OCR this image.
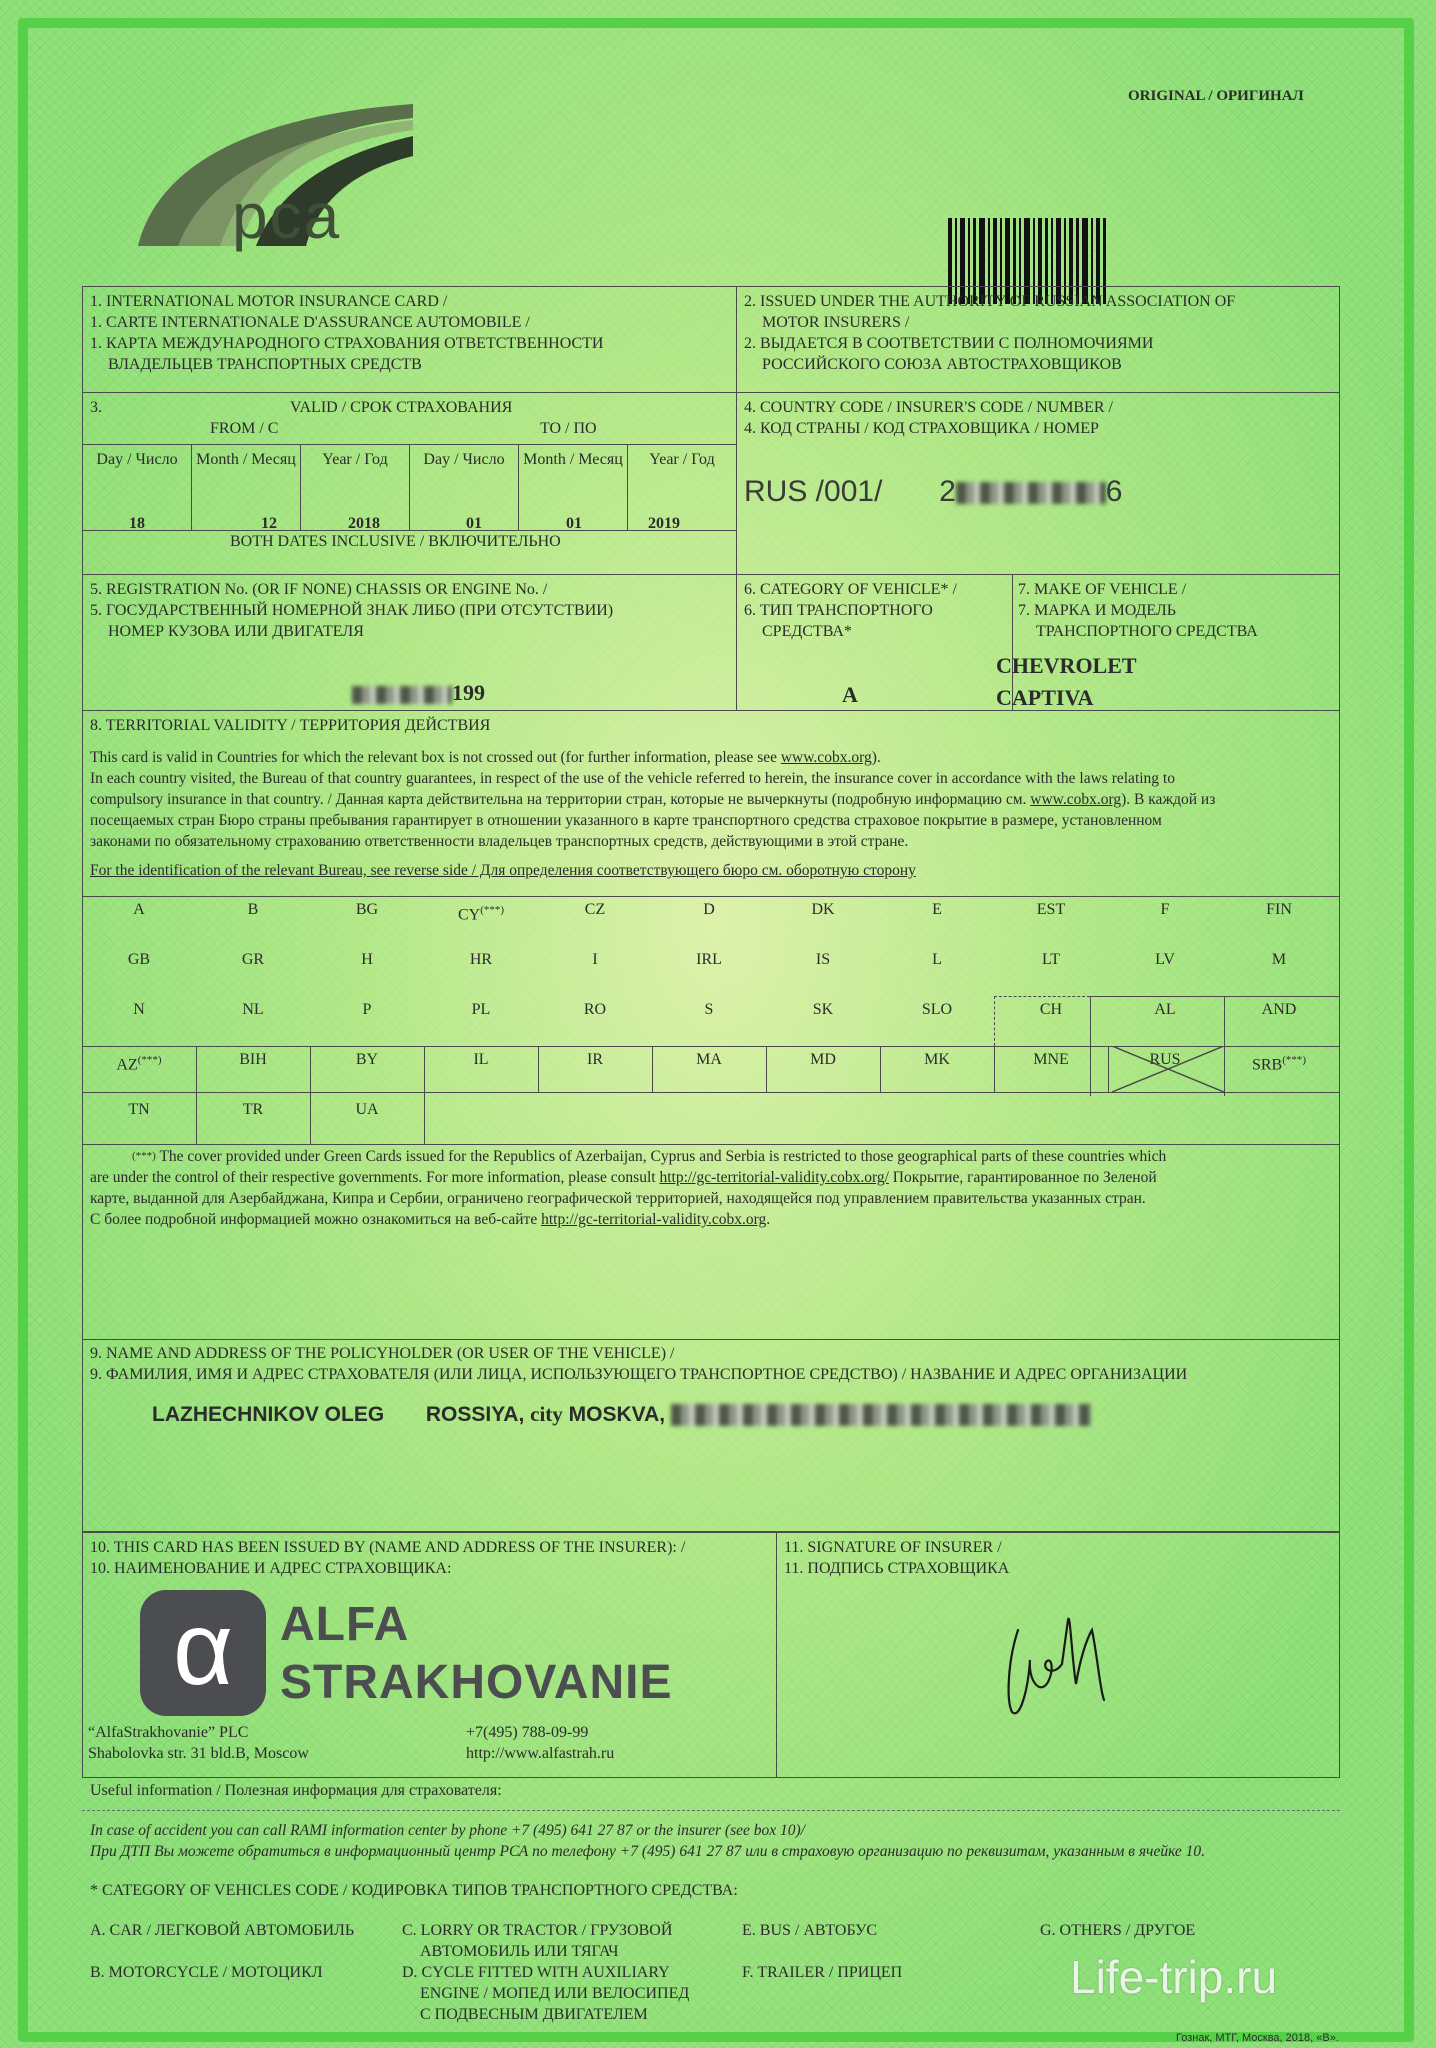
ORIGINAL / ОРИГИНАЛ
pca
1. INTERNATIONAL MOTOR INSURANCE CARD /
1. CARTE INTERNATIONALE D'ASSURANCE AUTOMOBILE /
1. КАРТА МЕЖДУНАРОДНОГО СТРАХОВАНИЯ ОТВЕТСТВЕННОСТИ
ВЛАДЕЛЬЦЕВ ТРАНСПОРТНЫХ СРЕДСТВ
2. ISSUED UNDER THE AUTHORITY OF RUSSIAN ASSOCIATION OF
MOTOR INSURERS /
2. ВЫДАЕТСЯ В СООТВЕТСТВИИ С ПОЛНОМОЧИЯМИ
РОССИЙСКОГО СОЮЗА АВТОСТРАХОВЩИКОВ
3.	VALID / СРОК СТРАХОВАНИЯ
FROM / С	TO / ПО
Day / Число	Month / Месяц	Year / Год	Day / Число	Month / Месяц	Year / Год
18	12	2018	01	01	2019
BOTH DATES INCLUSIVE / ВКЛЮЧИТЕЛЬНО
4. COUNTRY CODE / INSURER'S CODE / NUMBER /
4. КОД СТРАНЫ / КОД СТРАХОВЩИКА / НОМЕР
RUS /001/ 2	6
5. REGISTRATION No. (OR IF NONE) CHASSIS OR ENGINE No. /
5. ГОСУДАРСТВЕННЫЙ НОМЕРНОЙ ЗНАК ЛИБО (ПРИ ОТСУТСТВИИ)
НОМЕР КУЗОВА ИЛИ ДВИГАТЕЛЯ
199
6. CATEGORY OF VEHICLE* /
6. ТИП ТРАНСПОРТНОГО
СРЕДСТВА*
A
7. MAKE OF VEHICLE /
7. МАРКА И МОДЕЛЬ
ТРАНСПОРТНОГО СРЕДСТВА
CHEVROLET
CAPTIVA
8. TERRITORIAL VALIDITY / ТЕРРИТОРИЯ ДЕЙСТВИЯ
This card is valid in Countries for which the relevant box is not crossed out (for further information, please see www.cobx.org).
In each country visited, the Bureau of that country guarantees, in respect of the use of the vehicle referred to herein, the insurance cover in accordance with the laws relating to
compulsory insurance in that country. / Данная карта действительна на территории стран, которые не вычеркнуты (подробную информацию см. www.cobx.org). В каждой из
посещаемых стран Бюро страны пребывания гарантирует в отношении указанного в карте транспортного средства страховое покрытие в размере, установленном
законами по обязательному страхованию ответственности владельцев транспортных средств, действующими в этой стране.
For the identification of the relevant Bureau, see reverse side / Для определения соответствующего бюро см. оборотную сторону
A	B	BG	CY(***)	CZ	D	DK	E	EST	F	FIN
GB	GR	H	HR	I	IRL	IS	L	LT	LV	M
N	NL	P	PL	RO	S	SK	SLO	CH	AL	AND
AZ(***)	BIH	BY	IL	IR	MA	MD	MK	MNE	RUS	SRB(***)
TN	TR	UA
(***) The cover provided under Green Cards issued for the Republics of Azerbaijan, Cyprus and Serbia is restricted to those geographical parts of these countries which
are under the control of their respective governments. For more information, please consult http://gc-territorial-validity.cobx.org/ Покрытие, гарантированное по Зеленой
карте, выданной для Азербайджана, Кипра и Сербии, ограничено географической территорией, находящейся под управлением правительства указанных стран.
С более подробной информацией можно ознакомиться на веб-сайте http://gc-territorial-validity.cobx.org.
9. NAME AND ADDRESS OF THE POLICYHOLDER (OR USER OF THE VEHICLE) /
9. ФАМИЛИЯ, ИМЯ И АДРЕС СТРАХОВАТЕЛЯ (ИЛИ ЛИЦА, ИСПОЛЬЗУЮЩЕГО ТРАНСПОРТНОЕ СРЕДСТВО) / НАЗВАНИЕ И АДРЕС ОРГАНИЗАЦИИ
LAZHECHNIKOV OLEG ROSSIYA, city MOSKVA,
10. THIS CARD HAS BEEN ISSUED BY (NAME AND ADDRESS OF THE INSURER): /
10. НАИМЕНОВАНИЕ И АДРЕС СТРАХОВЩИКА:
α ALFA
STRAKHOVANIE
“AlfaStrakhovanie” PLC
Shabolovka str. 31 bld.B, Moscow
+7(495) 788-09-99
http://www.alfastrah.ru
11. SIGNATURE OF INSURER /
11. ПОДПИСЬ СТРАХОВЩИКА
Useful information / Полезная информация для страхователя:
In case of accident you can call RAMI information center by phone +7 (495) 641 27 87 or the insurer (see box 10)/
При ДТП Вы можете обратиться в информационный центр РСА по телефону +7 (495) 641 27 87 или в страховую организацию по реквизитам, указанным в ячейке 10.
* CATEGORY OF VEHICLES CODE / КОДИРОВКА ТИПОВ ТРАНСПОРТНОГО СРЕДСТВА:
A. CAR / ЛЕГКОВОЙ АВТОМОБИЛЬ
B. MOTORCYCLE / МОТОЦИКЛ
C. LORRY OR TRACTOR / ГРУЗОВОЙ
АВТОМОБИЛЬ ИЛИ ТЯГАЧ
D. CYCLE FITTED WITH AUXILIARY
ENGINE / МОПЕД ИЛИ ВЕЛОСИПЕД
С ПОДВЕСНЫМ ДВИГАТЕЛЕМ
E. BUS / АВТОБУС
F. TRAILER / ПРИЦЕП
G. OTHERS / ДРУГОЕ
Life-trip.ru
Гознак, МТГ, Москва, 2018, «В».
